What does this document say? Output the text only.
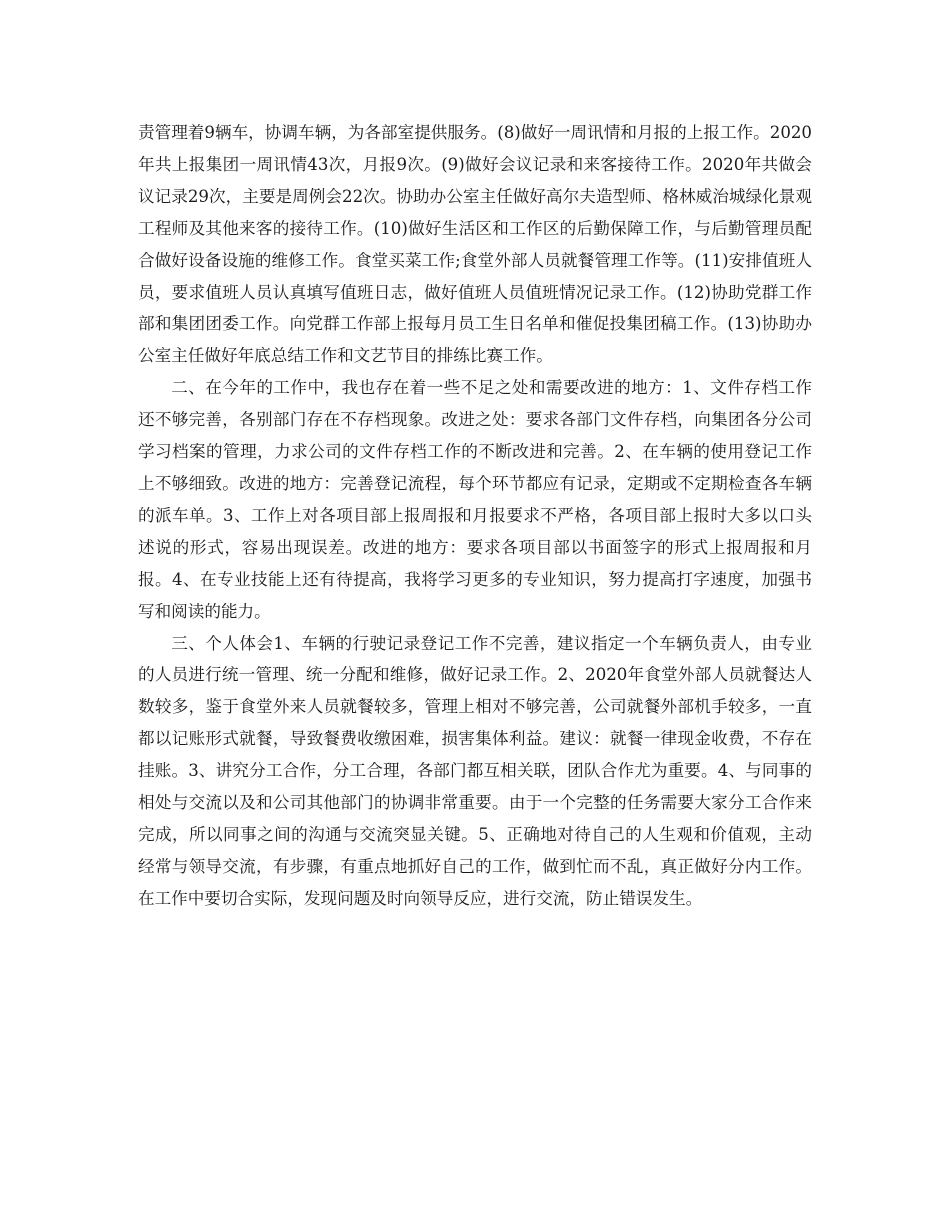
责管理着9辆车，协调车辆，为各部室提供服务。(8)做好一周讯情和月报的上报工作。2020年共上报集团一周讯情43次，月报9次。(9)做好会议记录和来客接待工作。2020年共做会议记录29次，主要是周例会22次。协助办公室主任做好高尔夫造型师、格林威治城绿化景观工程师及其他来客的接待工作。(10)做好生活区和工作区的后勤保障工作，与后勤管理员配合做好设备设施的维修工作。食堂买菜工作;食堂外部人员就餐管理工作等。(11)安排值班人员，要求值班人员认真填写值班日志，做好值班人员值班情况记录工作。(12)协助党群工作部和集团团委工作。向党群工作部上报每月员工生日名单和催促投集团稿工作。(13)协助办公室主任做好年底总结工作和文艺节目的排练比赛工作。

二、在今年的工作中，我也存在着一些不足之处和需要改进的地方：1、文件存档工作还不够完善，各别部门存在不存档现象。改进之处：要求各部门文件存档，向集团各分公司学习档案的管理，力求公司的文件存档工作的不断改进和完善。2、在车辆的使用登记工作上不够细致。改进的地方：完善登记流程，每个环节都应有记录，定期或不定期检查各车辆的派车单。3、工作上对各项目部上报周报和月报要求不严格，各项目部上报时大多以口头述说的形式，容易出现误差。改进的地方：要求各项目部以书面签字的形式上报周报和月报。4、在专业技能上还有待提高，我将学习更多的专业知识，努力提高打字速度，加强书写和阅读的能力。

三、个人体会1、车辆的行驶记录登记工作不完善，建议指定一个车辆负责人，由专业的人员进行统一管理、统一分配和维修，做好记录工作。2、2020年食堂外部人员就餐达人数较多，鉴于食堂外来人员就餐较多，管理上相对不够完善，公司就餐外部机手较多，一直都以记账形式就餐，导致餐费收缴困难，损害集体利益。建议：就餐一律现金收费，不存在挂账。3、讲究分工合作，分工合理，各部门都互相关联，团队合作尤为重要。4、与同事的相处与交流以及和公司其他部门的协调非常重要。由于一个完整的任务需要大家分工合作来完成，所以同事之间的沟通与交流突显关键。5、正确地对待自己的人生观和价值观，主动经常与领导交流，有步骤，有重点地抓好自己的工作，做到忙而不乱，真正做好分内工作。在工作中要切合实际，发现问题及时向领导反应，进行交流，防止错误发生。
